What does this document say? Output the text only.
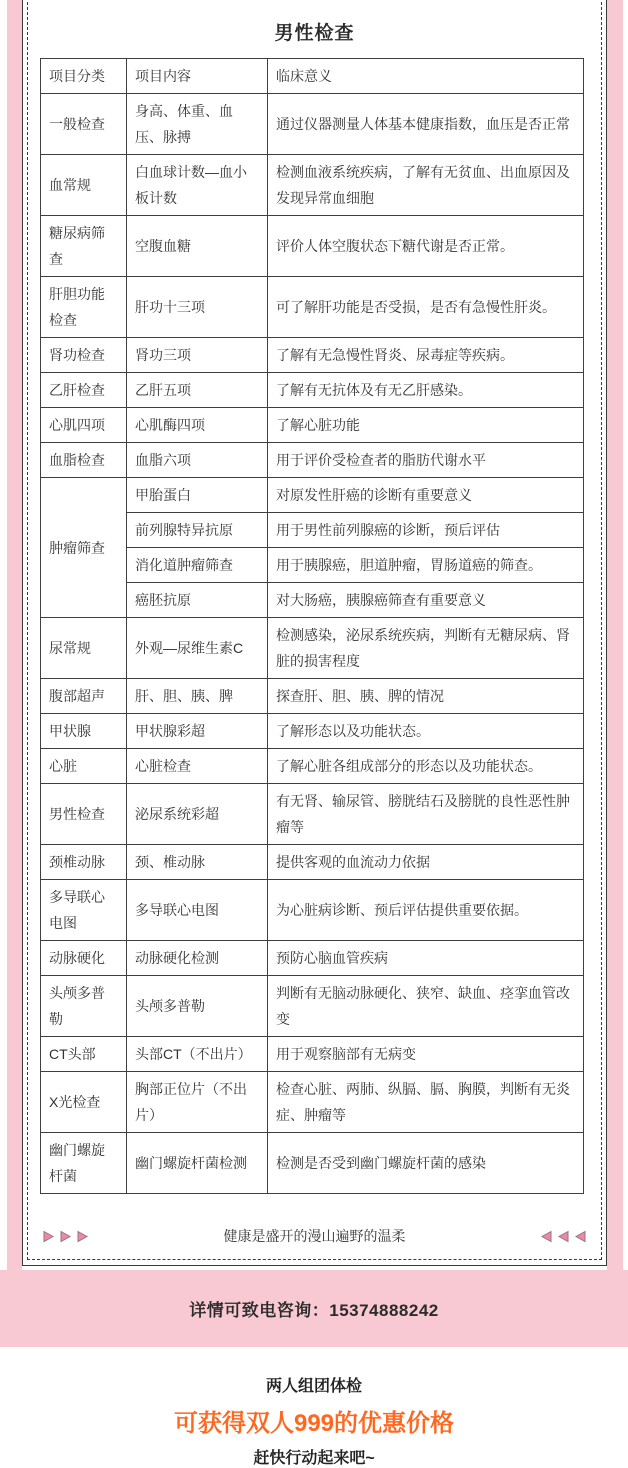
男性检查
项目分类	项目内容	临床意义
一般检查	身高、体重、血压、脉搏	通过仪器测量人体基本健康指数，血压是否正常
血常规	白血球计数—血小板计数	检测血液系统疾病，了解有无贫血、出血原因及发现异常血细胞
糖尿病筛查	空腹血糖	评价人体空腹状态下糖代谢是否正常。
肝胆功能检查	肝功十三项	可了解肝功能是否受损，是否有急慢性肝炎。
肾功检查	肾功三项	了解有无急慢性肾炎、尿毒症等疾病。
乙肝检查	乙肝五项	了解有无抗体及有无乙肝感染。
心肌四项	心肌酶四项	了解心脏功能
血脂检查	血脂六项	用于评价受检查者的脂肪代谢水平
肿瘤筛查	甲胎蛋白	对原发性肝癌的诊断有重要意义
	前列腺特异抗原	用于男性前列腺癌的诊断，预后评估
	消化道肿瘤筛查	用于胰腺癌，胆道肿瘤，胃肠道癌的筛查。
	癌胚抗原	对大肠癌，胰腺癌筛查有重要意义
尿常规	外观—尿维生素C	检测感染，泌尿系统疾病，判断有无糖尿病、肾脏的损害程度
腹部超声	肝、胆、胰、脾	探查肝、胆、胰、脾的情况
甲状腺	甲状腺彩超	了解形态以及功能状态。
心脏	心脏检查	了解心脏各组成部分的形态以及功能状态。
男性检查	泌尿系统彩超	有无肾、输尿管、膀胱结石及膀胱的良性恶性肿瘤等
颈椎动脉	颈、椎动脉	提供客观的血流动力依据
多导联心电图	多导联心电图	为心脏病诊断、预后评估提供重要依据。
动脉硬化	动脉硬化检测	预防心脑血管疾病
头颅多普勒	头颅多普勒	判断有无脑动脉硬化、狭窄、缺血、痉挛血管改变
CT头部	头部CT（不出片）	用于观察脑部有无病变
X光检查	胸部正位片（不出片）	检查心脏、两肺、纵膈、膈、胸膜，判断有无炎症、肿瘤等
幽门螺旋杆菌	幽门螺旋杆菌检测	检测是否受到幽门螺旋杆菌的感染
健康是盛开的漫山遍野的温柔
详情可致电咨询：15374888242
两人组团体检
可获得双人999的优惠价格
赶快行动起来吧~
